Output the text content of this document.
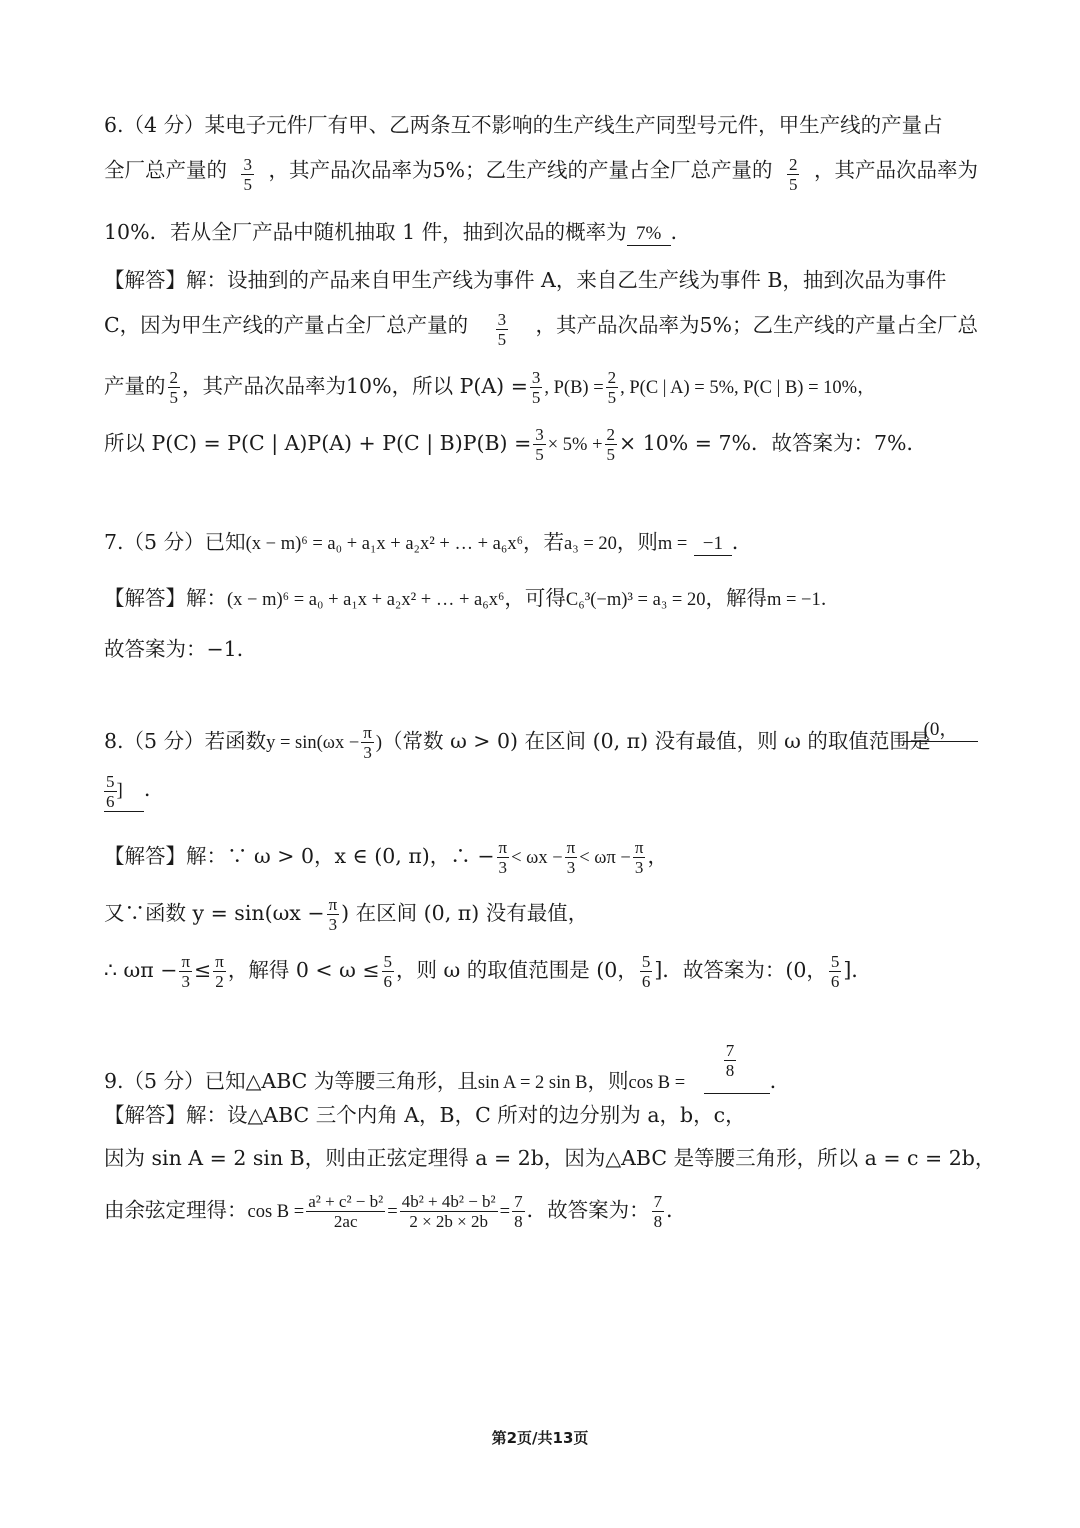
6.（4 分）某电子元件厂有甲、乙两条互不影响的生产线生产同型号元件，甲生产线的产量占
全厂总产量的 $\frac{3}{5}$ ，其产品次品率为5%；乙生产线的产量占全厂总产量的 $\frac{2}{5}$ ，其产品次品率为
10%．若从全厂产品中随机抽取 1 件，抽到次品的概率为 7% ．
【解答】解：设抽到的产品来自甲生产线为事件 A，来自乙生产线为事件 B，抽到次品为事件
C，因为甲生产线的产量占全厂总产量的 $\frac{3}{5}$ ，其产品次品率为5%；乙生产线的产量占全厂总
产量的 $\frac{2}{5}$ ，其产品次品率为10%，所以 $P(A) = \frac{3}{5}$ , $P(B) = \frac{2}{5}$ , P(C | A) = 5%, P(C | B) = 10%，
所以 P(C) = P(C | A)P(A) + P(C | $B)P(B) = \frac{3}{5} \times 5\% + \frac{2}{5} \times 10\% = 7\%$．故答案为：7%．
7.（5 分）已知(x − m)⁶ = a₀ + a₁x + a₂x² + … + a₆x⁶，若a₃ = 20，则m = −1 ．
【解答】解：(x − m)⁶ = a₀ + a₁x + a₂x² + … + a₆x⁶，可得C₆³(−m)³ = a₃ = 20，解得m = −1．
故答案为：−1．
8.（5 分）若函数$y = \sin(\omega x - \frac{\pi}{3}$ )（常数 ω > 0) 在区间 (0, π) 没有最值，则 ω 的取值范围是
(0，
$\frac{5}{6}$ ] ．
【解答】解：∵ ω > 0，x ∈ (0, π)，∴ − $\frac{\pi}{3} < \omega x - \frac{\pi}{3} < \omega\pi - \frac{\pi}{3}$ ，
又∵函数 $y = \sin(\omega x - \frac{\pi}{3}$ ) 在区间 (0, π) 没有最值，
∴ $\omega\pi - \frac{\pi}{3} \le \frac{\pi}{2}$ ，解得 $0 < \omega \le \frac{5}{6}$ ，则 ω 的取值范围是 (0， $\frac{5}{6}$ ]．故答案为：(0， $\frac{5}{6}$ ]．
9.（5 分）已知△ABC 为等腰三角形，且sin A = 2 sin B，则cos B =
$\frac{7}{8}$
．
【解答】解：设△ABC 三个内角 A，B，C 所对的边分别为 a，b，c，
因为 sin A = 2 sin B，则由正弦定理得 a = 2b，因为△ABC 是等腰三角形，所以 a = c = 2b，
由余弦定理得：$\cos B = \frac{\text{a² + c² − b²}}{2ac} = \frac{\text{4b² + 4b² − b²}}{2 \times 2b \times 2b} = \frac{7}{8}$ ．故答案为： $\frac{7}{8}$ ．
第2页/共13页
